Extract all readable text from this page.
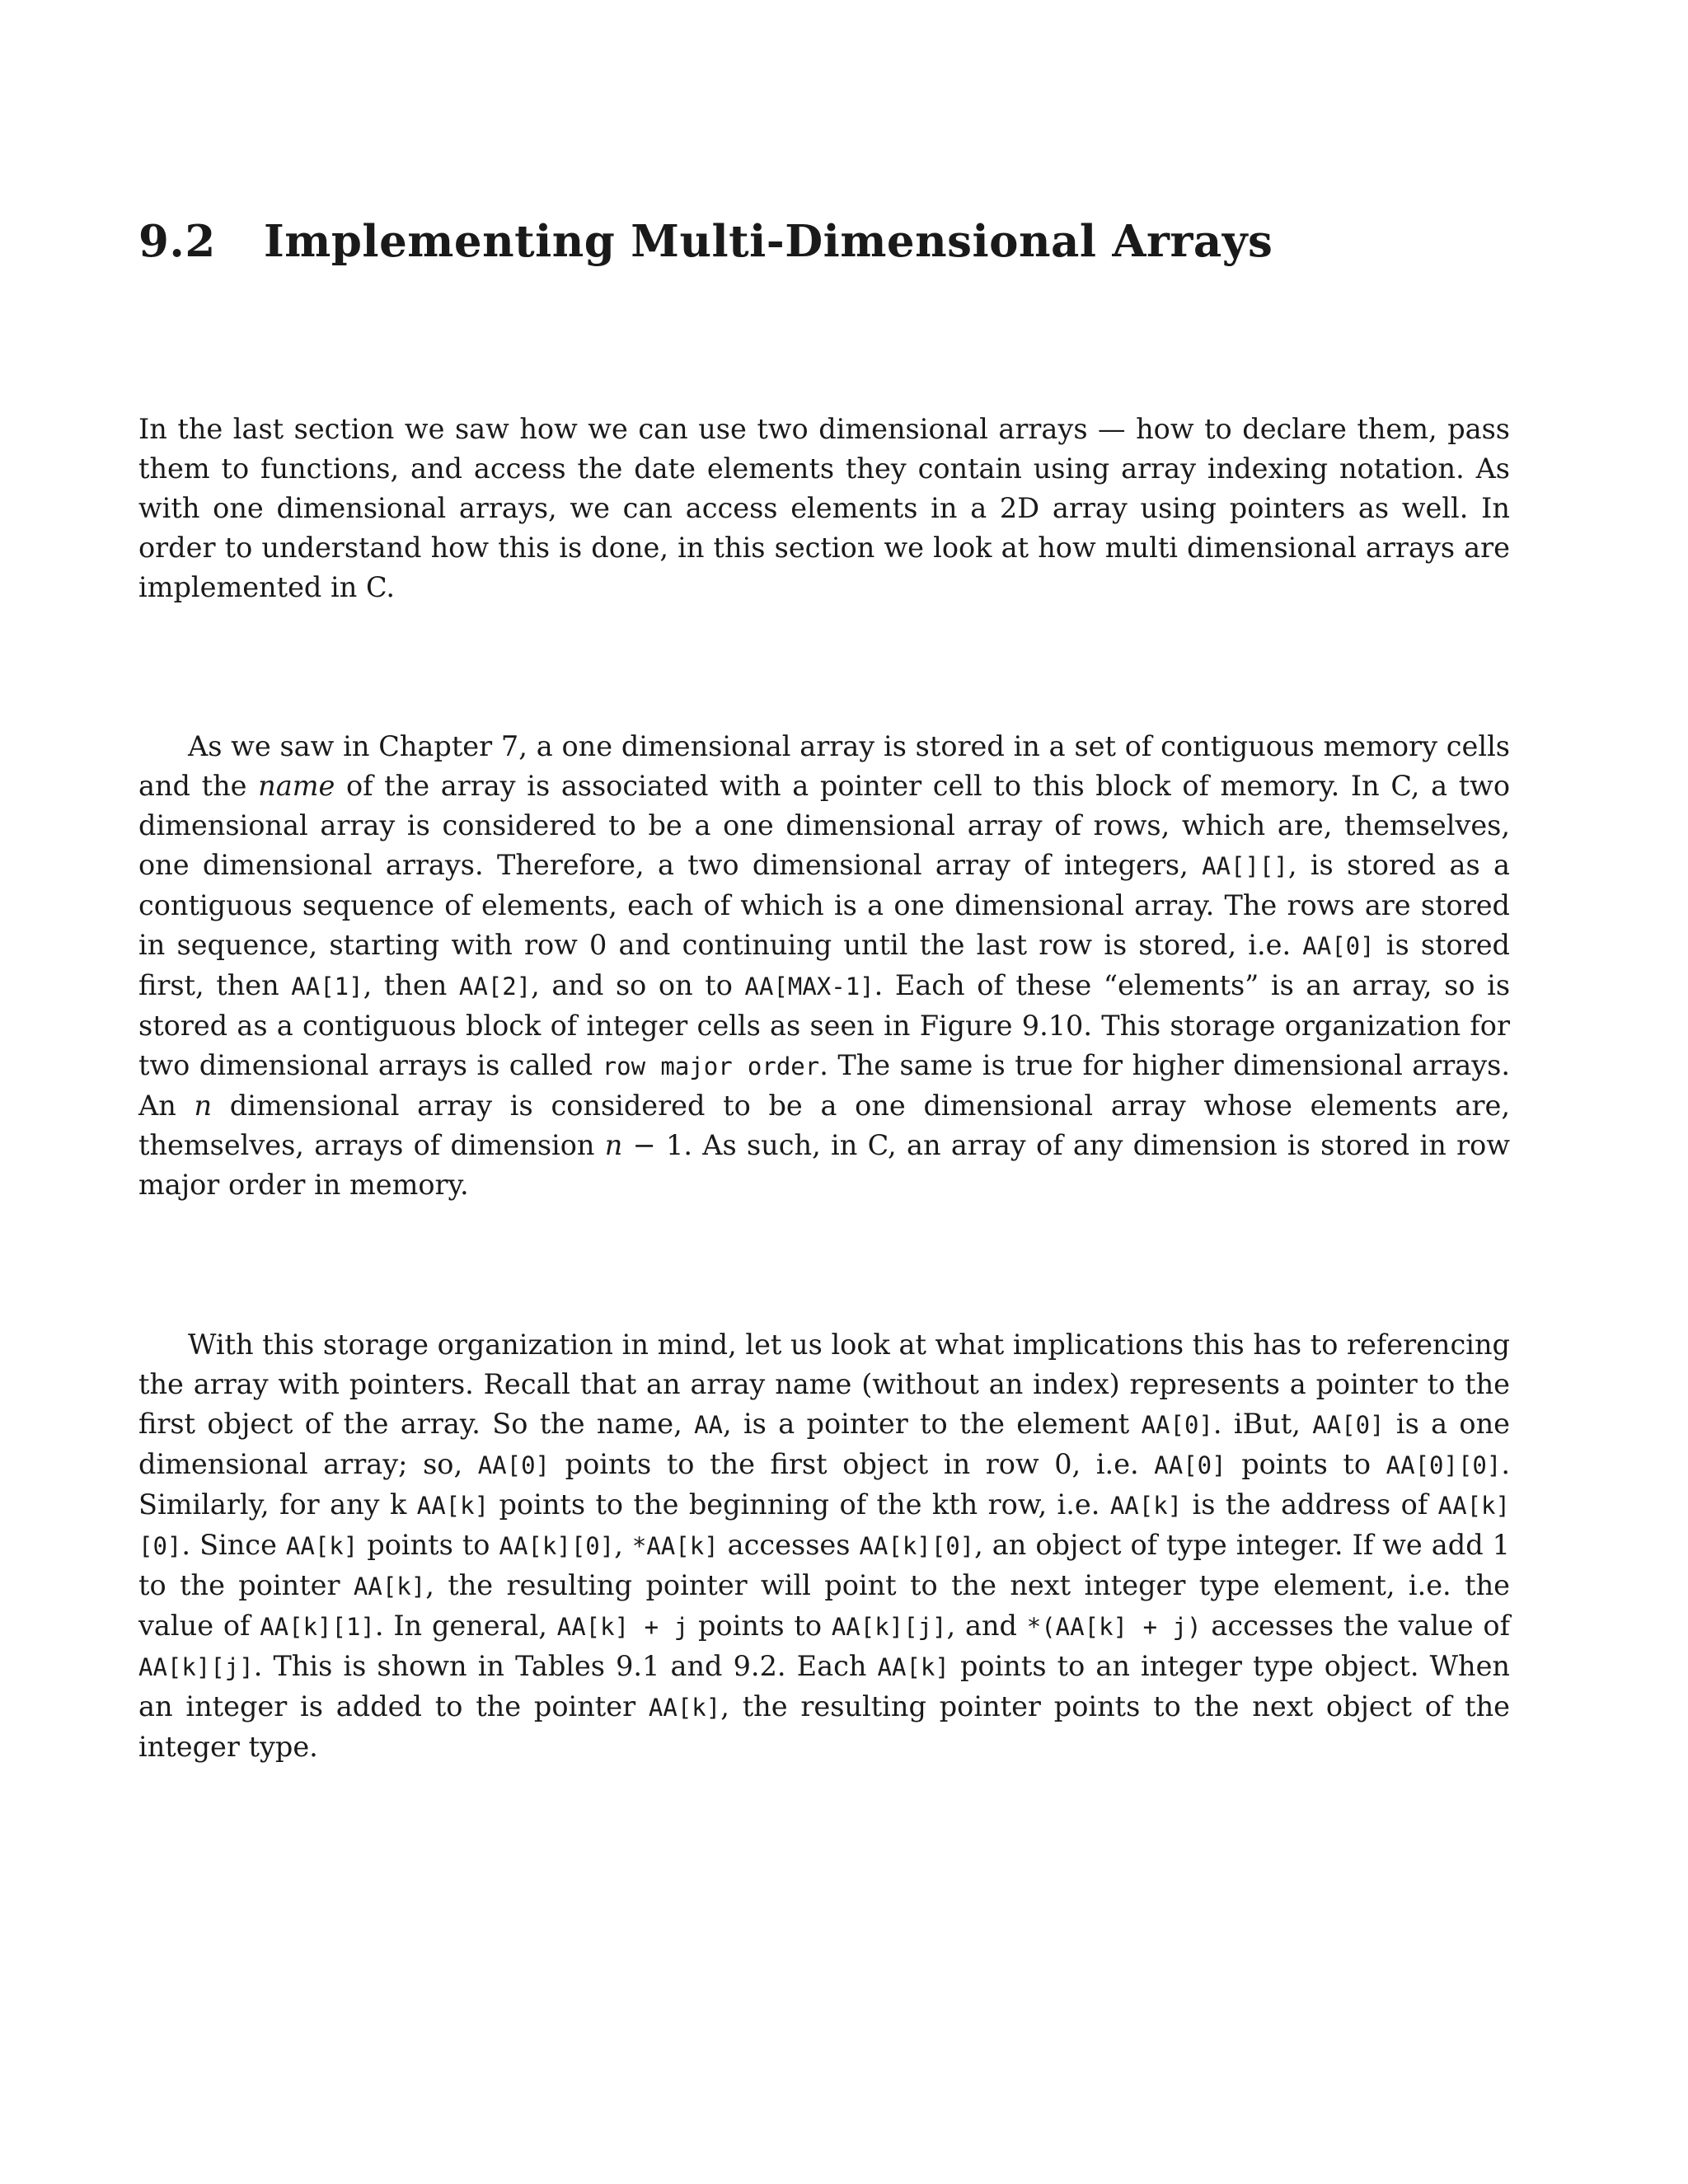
9.2 Implementing Multi-Dimensional Arrays

In the last section we saw how we can use two dimensional arrays — how to declare them, pass them to functions, and access the date elements they contain using array indexing notation. As with one dimensional arrays, we can access elements in a 2D array using pointers as well. In order to understand how this is done, in this section we look at how multi dimensional arrays are implemented in C.

As we saw in Chapter 7, a one dimensional array is stored in a set of contiguous memory cells and the name of the array is associated with a pointer cell to this block of memory. In C, a two dimensional array is considered to be a one dimensional array of rows, which are, themselves, one dimensional arrays. Therefore, a two dimensional array of integers, AA[][], is stored as a contiguous sequence of elements, each of which is a one dimensional array. The rows are stored in sequence, starting with row 0 and continuing until the last row is stored, i.e. AA[0] is stored first, then AA[1], then AA[2], and so on to AA[MAX-1]. Each of these “elements” is an array, so is stored as a contiguous block of integer cells as seen in Figure 9.10. This storage organization for two dimensional arrays is called row major order. The same is true for higher dimensional arrays. An n dimensional array is considered to be a one dimensional array whose elements are, themselves, arrays of dimension n − 1. As such, in C, an array of any dimension is stored in row major order in memory.

With this storage organization in mind, let us look at what implications this has to referencing the array with pointers. Recall that an array name (without an index) represents a pointer to the first object of the array. So the name, AA, is a pointer to the element AA[0]. iBut, AA[0] is a one dimensional array; so, AA[0] points to the first object in row 0, i.e. AA[0] points to AA[0][0]. Similarly, for any k AA[k] points to the beginning of the kth row, i.e. AA[k] is the address of AA[k][0]. Since AA[k] points to AA[k][0], *AA[k] accesses AA[k][0], an object of type integer. If we add 1 to the pointer AA[k], the resulting pointer will point to the next integer type element, i.e. the value of AA[k][1]. In general, AA[k] + j points to AA[k][j], and *(AA[k] + j) accesses the value of AA[k][j]. This is shown in Tables 9.1 and 9.2. Each AA[k] points to an integer type object. When an integer is added to the pointer AA[k], the resulting pointer points to the next object of the integer type.
